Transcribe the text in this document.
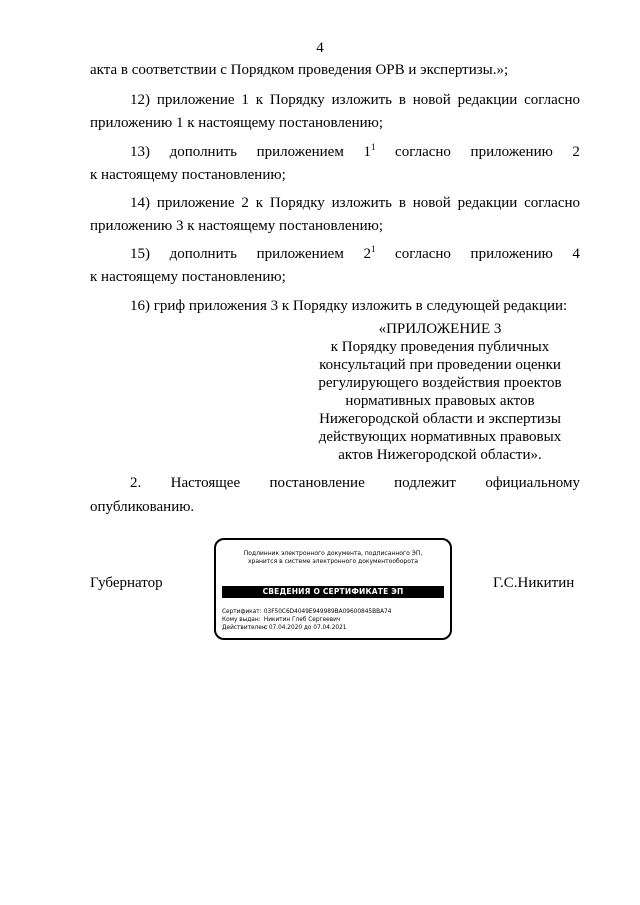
4
акта в соответствии с Порядком проведения ОРВ и экспертизы.»;
12) приложение 1 к Порядку изложить в новой редакции согласно
приложению 1 к настоящему постановлению;
13) дополнить приложением $1^1$ согласно приложению 2
к настоящему постановлению;
14) приложение 2 к Порядку изложить в новой редакции согласно
приложению 3 к настоящему постановлению;
15) дополнить приложением $2^1$ согласно приложению 4
к настоящему постановлению;
16) гриф приложения 3 к Порядку изложить в следующей редакции:
«ПРИЛОЖЕНИЕ 3
к Порядку проведения публичных
консультаций при проведении оценки
регулирующего воздействия проектов
нормативных правовых актов
Нижегородской области и экспертизы
действующих нормативных правовых
актов Нижегородской области».
2. Настоящее постановление подлежит официальному
опубликованию.
Губернатор	Г.С.Никитин
Подлинник электронного документа, подписанного ЭП,
хранится в системе электронного документооборота
СВЕДЕНИЯ О СЕРТИФИКАТЕ ЭП
Сертификат: 03F50C6D4049E949989BA09600845BBA74
Кому выдан: Никитин Глеб Сергеевич
Действителен: с 07.04.2020 до 07.04.2021
